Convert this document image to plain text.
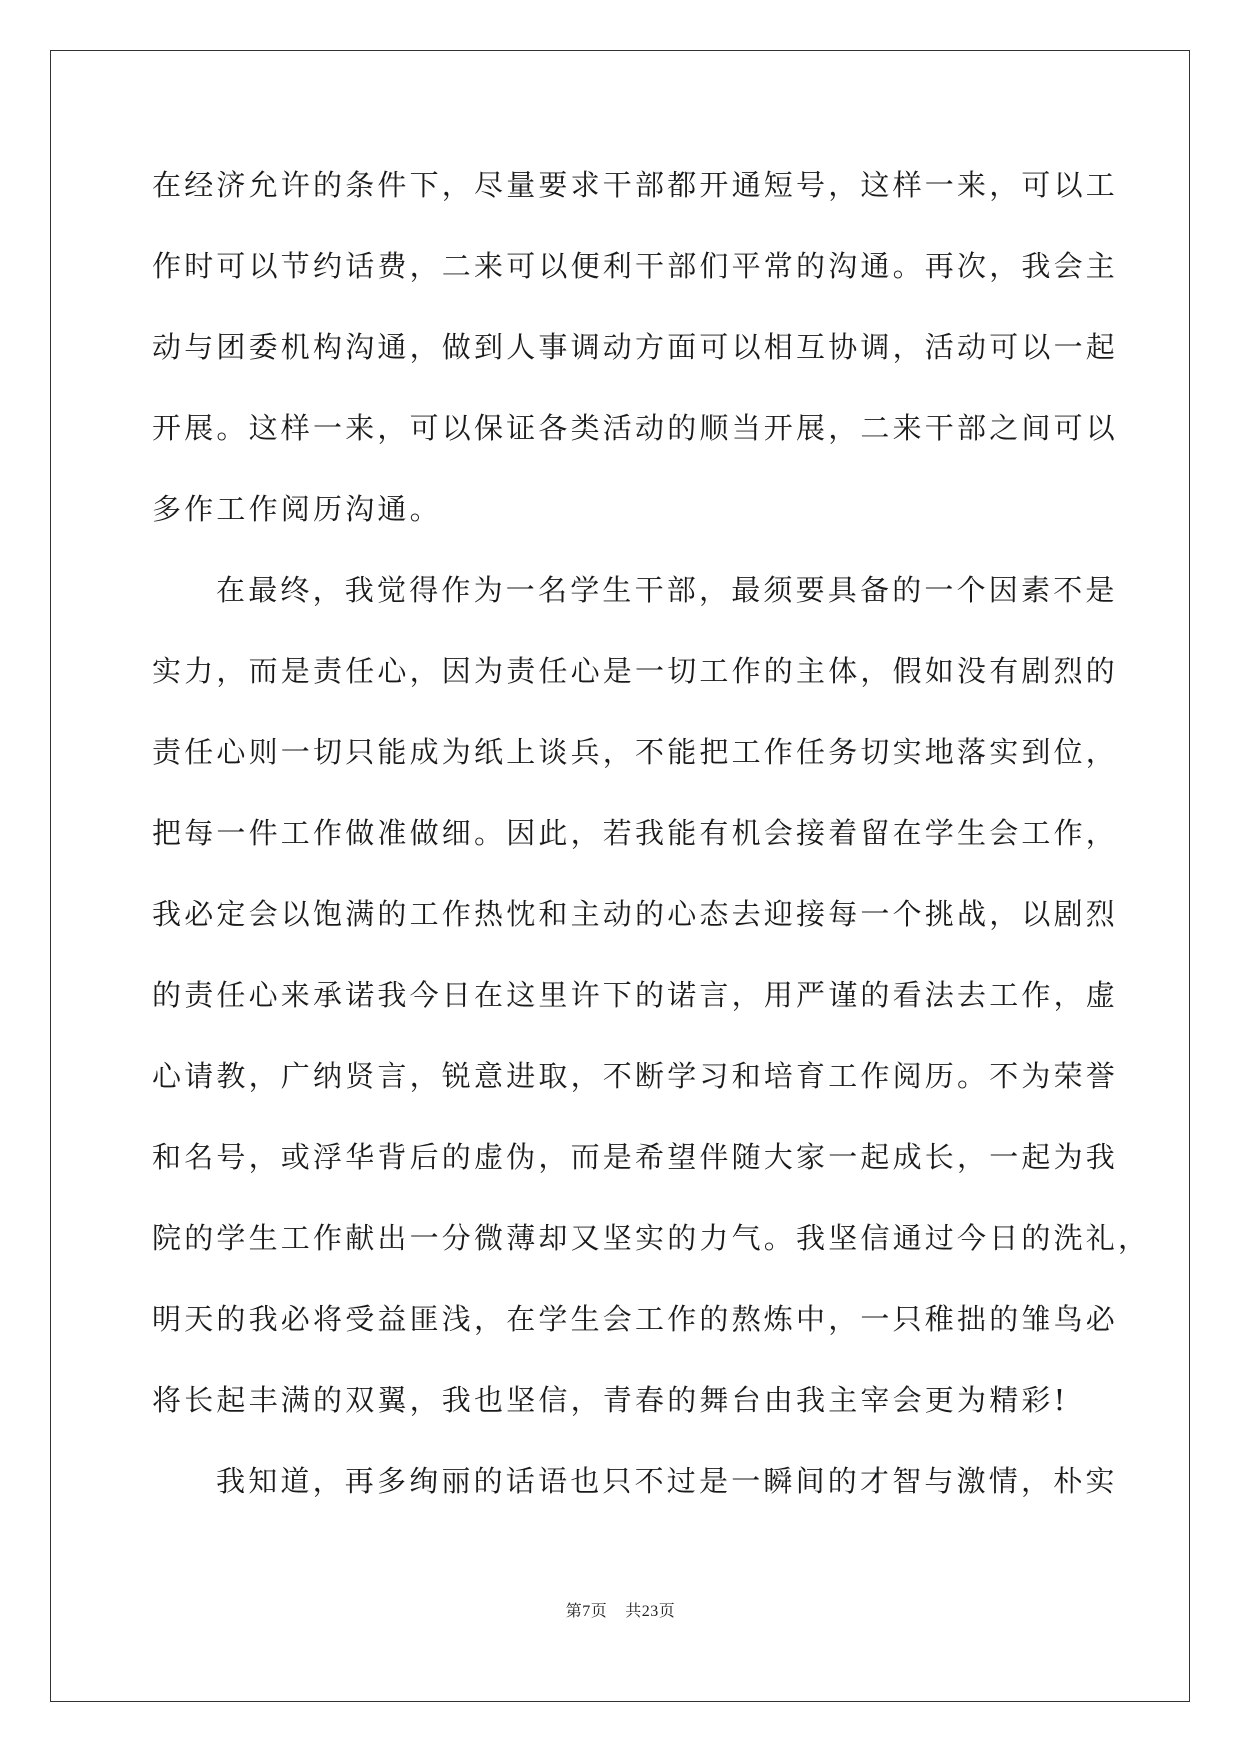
在经济允许的条件下，尽量要求干部都开通短号，这样一来，可以工
作时可以节约话费，二来可以便利干部们平常的沟通。再次，我会主
动与团委机构沟通，做到人事调动方面可以相互协调，活动可以一起
开展。这样一来，可以保证各类活动的顺当开展，二来干部之间可以
多作工作阅历沟通。
在最终，我觉得作为一名学生干部，最须要具备的一个因素不是
实力，而是责任心，因为责任心是一切工作的主体，假如没有剧烈的
责任心则一切只能成为纸上谈兵，不能把工作任务切实地落实到位，
把每一件工作做准做细。因此，若我能有机会接着留在学生会工作，
我必定会以饱满的工作热忱和主动的心态去迎接每一个挑战，以剧烈
的责任心来承诺我今日在这里许下的诺言，用严谨的看法去工作，虚
心请教，广纳贤言，锐意进取，不断学习和培育工作阅历。不为荣誉
和名号，或浮华背后的虚伪，而是希望伴随大家一起成长，一起为我
院的学生工作献出一分微薄却又坚实的力气。我坚信通过今日的洗礼，
明天的我必将受益匪浅，在学生会工作的熬炼中，一只稚拙的雏鸟必
将长起丰满的双翼，我也坚信，青春的舞台由我主宰会更为精彩!
我知道，再多绚丽的话语也只不过是一瞬间的才智与激情，朴实
第7页 共23页
